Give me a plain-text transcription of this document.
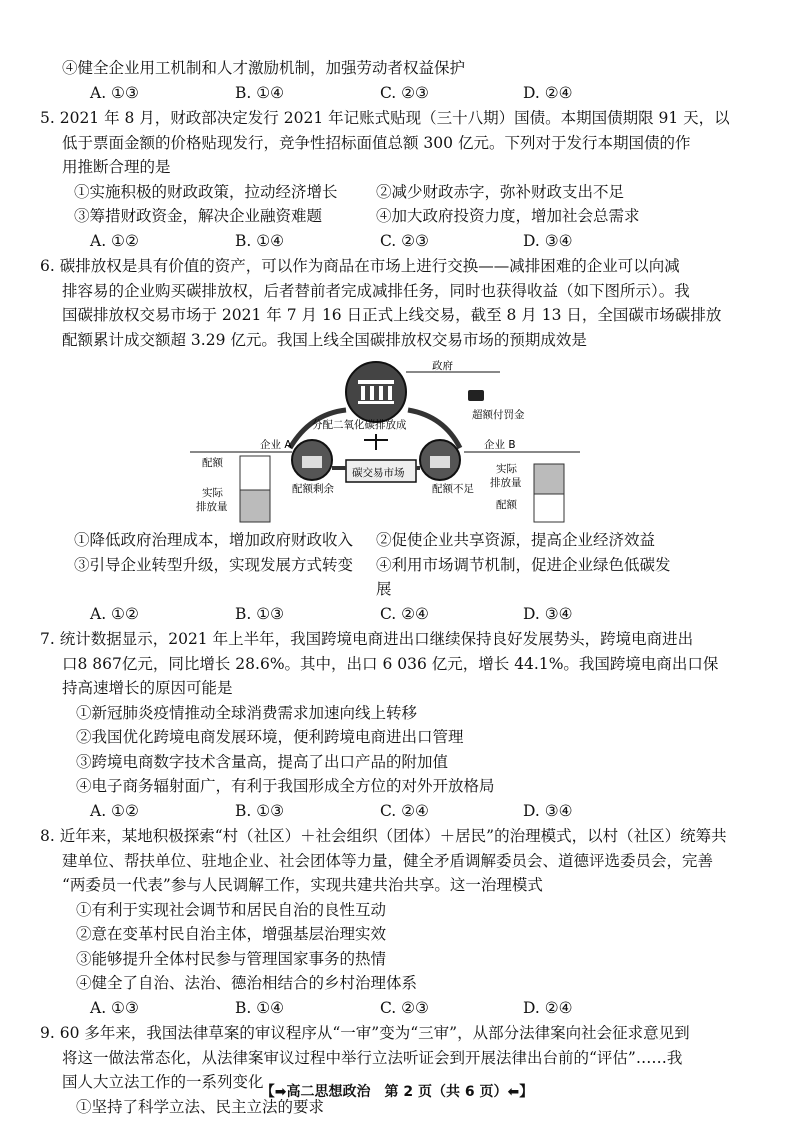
④健全企业用工机制和人才激励机制，加强劳动者权益保护
A. ①③	B. ①④	C. ②③	D. ②④
5. 2021 年 8 月，财政部决定发行 2021 年记账式贴现（三十八期）国债。本期国债期限 91 天，以
低于票面金额的价格贴现发行，竞争性招标面值总额 300 亿元。下列对于发行本期国债的作
用推断合理的是
①实施积极的财政政策，拉动经济增长	②减少财政赤字，弥补财政支出不足
③筹措财政资金，解决企业融资难题	④加大政府投资力度，增加社会总需求
A. ①②	B. ①④	C. ②③	D. ③④
6. 碳排放权是具有价值的资产，可以作为商品在市场上进行交换——减排困难的企业可以向减
排容易的企业购买碳排放权，后者替前者完成减排任务，同时也获得收益（如下图所示）。我
国碳排放权交易市场于 2021 年 7 月 16 日正式上线交易，截至 8 月 13 日，全国碳市场碳排放
配额累计成交额超 3.29 亿元。我国上线全国碳排放权交易市场的预期成效是
政府
超额付罚金
分配二氧化碳排放成
企业 A	企业 B
碳交易市场
配额剩余	配额不足
配额
实际
排放量
实际
排放量
配额
①降低政府治理成本，增加政府财政收入	②促使企业共享资源，提高企业经济效益
③引导企业转型升级，实现发展方式转变	④利用市场调节机制，促进企业绿色低碳发展
A. ①②	B. ①③	C. ②④	D. ③④
7. 统计数据显示，2021 年上半年，我国跨境电商进出口继续保持良好发展势头，跨境电商进出
口8 867亿元，同比增长 28.6%。其中，出口 6 036 亿元，增长 44.1%。我国跨境电商出口保
持高速增长的原因可能是
①新冠肺炎疫情推动全球消费需求加速向线上转移
②我国优化跨境电商发展环境，便利跨境电商进出口管理
③跨境电商数字技术含量高，提高了出口产品的附加值
④电子商务辐射面广，有利于我国形成全方位的对外开放格局
A. ①②	B. ①③	C. ②④	D. ③④
8. 近年来，某地积极探索“村（社区）＋社会组织（团体）＋居民”的治理模式，以村（社区）统筹共
建单位、帮扶单位、驻地企业、社会团体等力量，健全矛盾调解委员会、道德评选委员会，完善
“两委员一代表”参与人民调解工作，实现共建共治共享。这一治理模式
①有利于实现社会调节和居民自治的良性互动
②意在变革村民自治主体，增强基层治理实效
③能够提升全体村民参与管理国家事务的热情
④健全了自治、法治、德治相结合的乡村治理体系
A. ①③	B. ①④	C. ②③	D. ②④
9. 60 多年来，我国法律草案的审议程序从“一审”变为“三审”，从部分法律案向社会征求意见到
将这一做法常态化，从法律案审议过程中举行立法听证会到开展法律出台前的“评估”……我
国人大立法工作的一系列变化
①坚持了科学立法、民主立法的要求
【➡高二思想政治　第 2 页（共 6 页）⬅】
